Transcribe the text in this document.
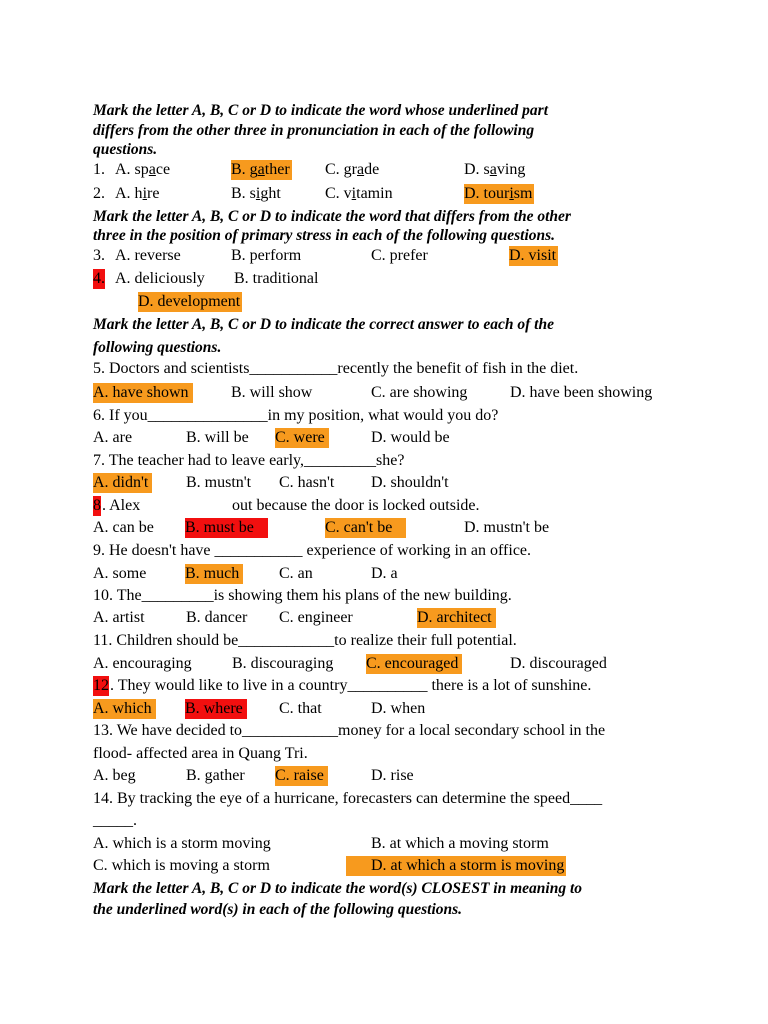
Mark the letter A, B, C or D to indicate the word whose underlined part
differs from the other three in pronunciation in each of the following
questions.
1. A. space	B. gather C. grade	D. saving
2. A. hire	B. sight	C. vitamin	D. tourism
Mark the letter A, B, C or D to indicate the word that differs from the other
three in the position of primary stress in each of the following questions.
3. A. reverse	B. perform	C. prefer	D. visit
4. A. deliciously B. traditional
D. development
Mark the letter A, B, C or D to indicate the correct answer to each of the
following questions.
5. Doctors and scientists___________recently the benefit of fish in the diet.
A. have shown	B. will show	C. are showing	D. have been showing
6. If you_______________in my position, what would you do?
A. are	B. will be C. were	D. would be
7. The teacher had to leave early,_________she?
A. didn't B. mustn't C. hasn't D. shouldn't
8 . Alex	out because the door is locked outside.
A. can be B. must be	C. can't be	D. mustn't be
9. He doesn't have ___________ experience of working in an office.
A. some B. much C. an	D. a
10. The_________is showing them his plans of the new building.
A. artist	B. dancer C. engineer	D. architect
11. Children should be____________to realize their full potential.
A. encouraging	B. discouraging C. encouraged	D. discouraged
12 . They would like to live in a country__________ there is a lot of sunshine.
A. which B. where C. that	D. when
13. We have decided to____________money for a local secondary school in the
flood- affected area in Quang Tri.
A. beg	B. gather C. raise	D. rise
14. By tracking the eye of a hurricane, forecasters can determine the speed____
_____.
A. which is a storm moving	B. at which a moving storm
C. which is moving a storm	D. at which a storm is moving
Mark the letter A, B, C or D to indicate the word(s) CLOSEST in meaning to
the underlined word(s) in each of the following questions.
